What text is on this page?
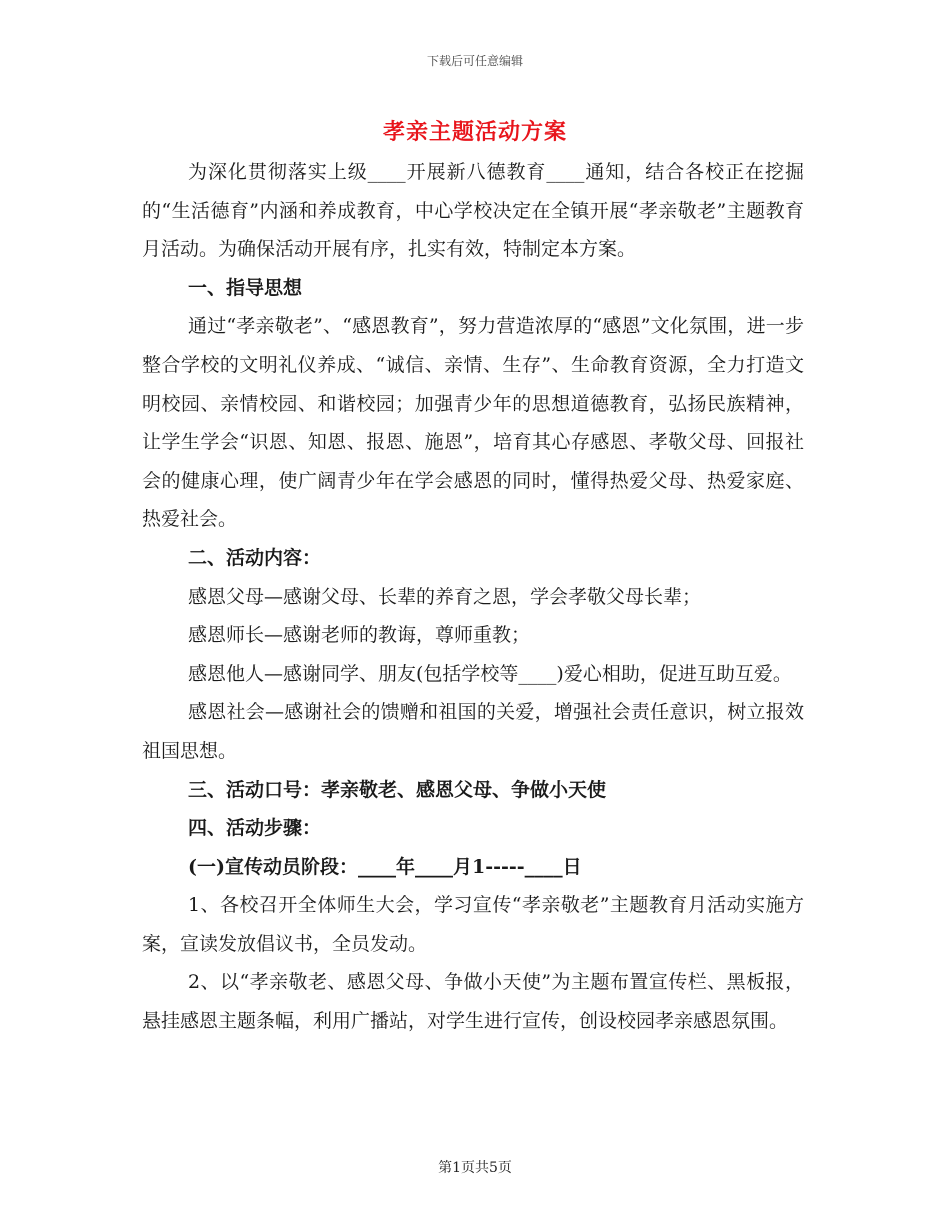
下载后可任意编辑
孝亲主题活动方案

为深化贯彻落实上级____开展新八德教育____通知，结合各校正在挖掘的“生活德育”内涵和养成教育，中心学校决定在全镇开展“孝亲敬老”主题教育月活动。为确保活动开展有序，扎实有效，特制定本方案。

一、指导思想

通过“孝亲敬老”、“感恩教育”，努力营造浓厚的“感恩”文化氛围，进一步整合学校的文明礼仪养成、“诚信、亲情、生存”、生命教育资源，全力打造文明校园、亲情校园、和谐校园；加强青少年的思想道德教育，弘扬民族精神，让学生学会“识恩、知恩、报恩、施恩”，培育其心存感恩、孝敬父母、回报社会的健康心理，使广阔青少年在学会感恩的同时，懂得热爱父母、热爱家庭、热爱社会。

二、活动内容：

感恩父母—感谢父母、长辈的养育之恩，学会孝敬父母长辈；

感恩师长—感谢老师的教诲，尊师重教；

感恩他人—感谢同学、朋友(包括学校等____)爱心相助，促进互助互爱。

感恩社会—感谢社会的馈赠和祖国的关爱，增强社会责任意识，树立报效祖国思想。

三、活动口号：孝亲敬老、感恩父母、争做小天使

四、活动步骤：

(一)宣传动员阶段：____年____月1-----____日

1、各校召开全体师生大会，学习宣传“孝亲敬老”主题教育月活动实施方案，宣读发放倡议书，全员发动。

2、以“孝亲敬老、感恩父母、争做小天使”为主题布置宣传栏、黑板报，悬挂感恩主题条幅，利用广播站，对学生进行宣传，创设校园孝亲感恩氛围。

第1页共5页
